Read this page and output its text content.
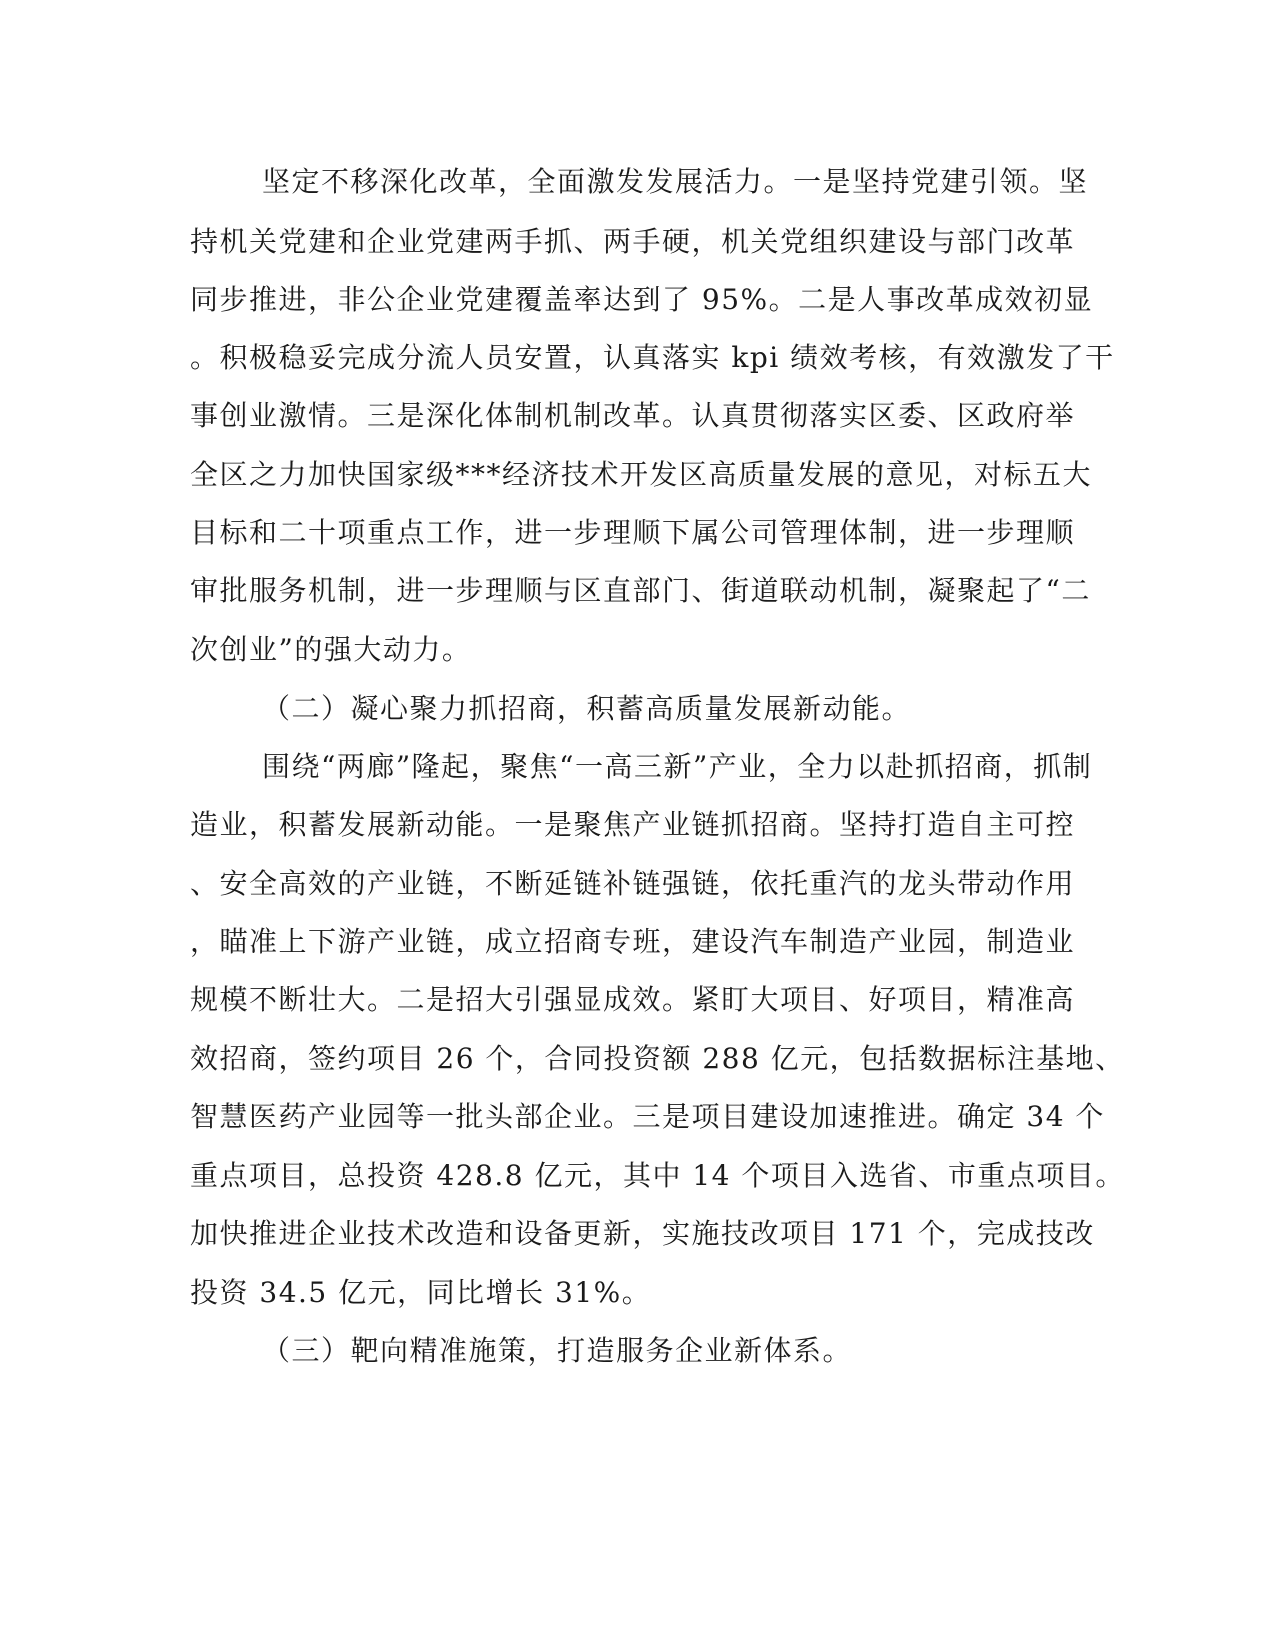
坚定不移深化改革，全面激发发展活力。一是坚持党建引领。坚
持机关党建和企业党建两手抓、两手硬，机关党组织建设与部门改革
同步推进，非公企业党建覆盖率达到了 95%。二是人事改革成效初显
。积极稳妥完成分流人员安置，认真落实 kpi 绩效考核，有效激发了干
事创业激情。三是深化体制机制改革。认真贯彻落实区委、区政府举
全区之力加快国家级***经济技术开发区高质量发展的意见，对标五大
目标和二十项重点工作，进一步理顺下属公司管理体制，进一步理顺
审批服务机制，进一步理顺与区直部门、街道联动机制，凝聚起了“二
次创业”的强大动力。
（二）凝心聚力抓招商，积蓄高质量发展新动能。
围绕“两廊”隆起，聚焦“一高三新”产业，全力以赴抓招商，抓制
造业，积蓄发展新动能。一是聚焦产业链抓招商。坚持打造自主可控
、安全高效的产业链，不断延链补链强链，依托重汽的龙头带动作用
，瞄准上下游产业链，成立招商专班，建设汽车制造产业园，制造业
规模不断壮大。二是招大引强显成效。紧盯大项目、好项目，精准高
效招商，签约项目 26 个，合同投资额 288 亿元，包括数据标注基地、
智慧医药产业园等一批头部企业。三是项目建设加速推进。确定 34 个
重点项目，总投资 428.8 亿元，其中 14 个项目入选省、市重点项目。
加快推进企业技术改造和设备更新，实施技改项目 171 个，完成技改
投资 34.5 亿元，同比增长 31%。
（三）靶向精准施策，打造服务企业新体系。
